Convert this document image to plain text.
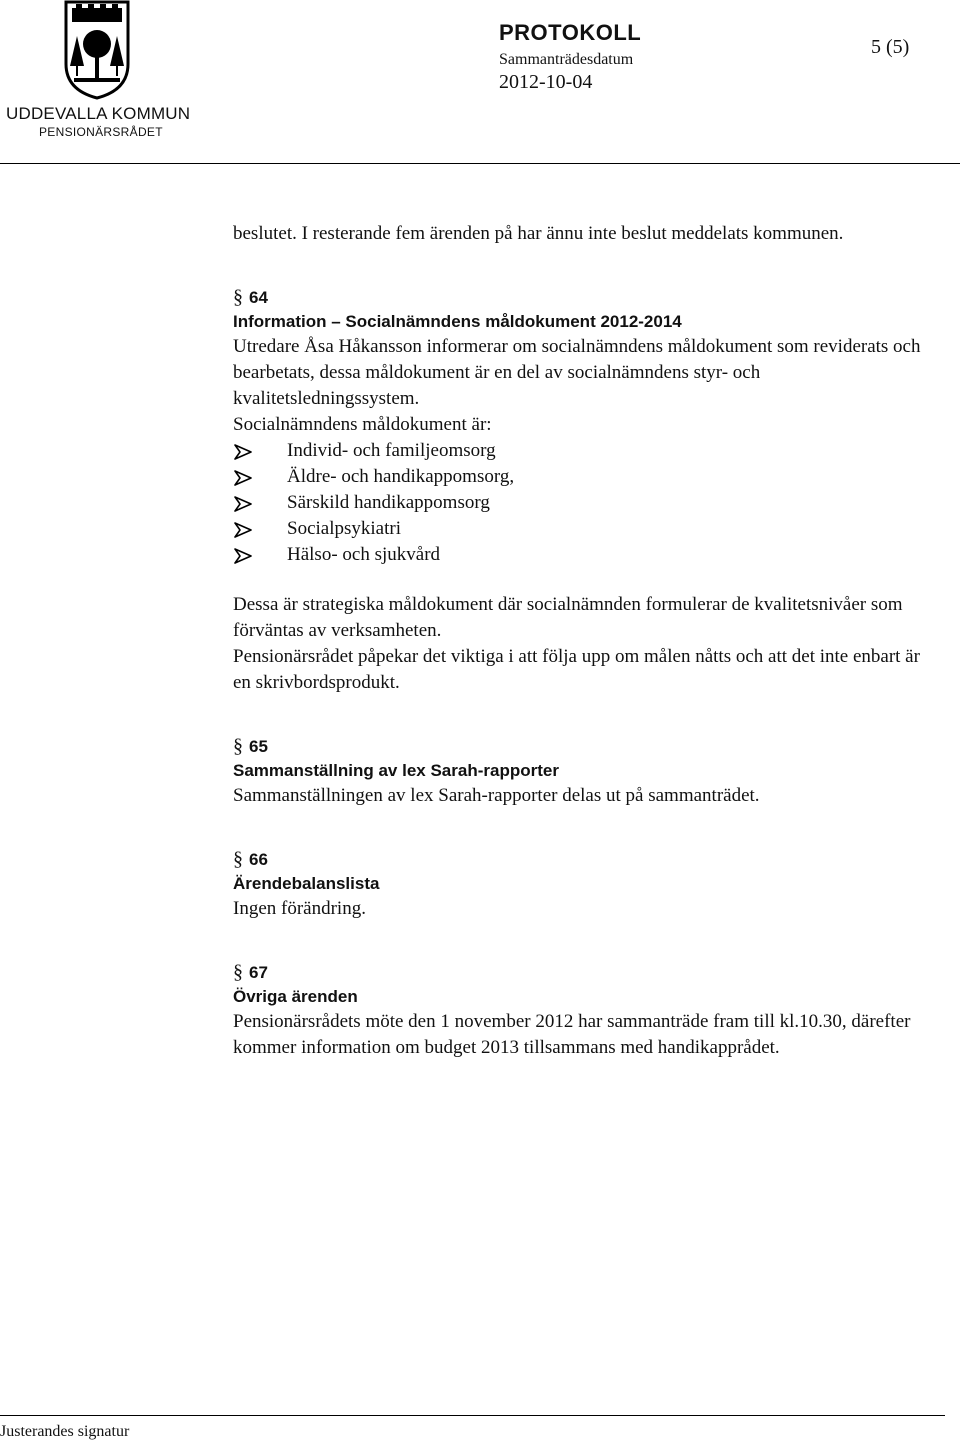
UDDEVALLA KOMMUN
PENSIONÄRSRÅDET
PROTOKOLL
Sammanträdesdatum
2012-10-04
5 (5)

beslutet. I resterande fem ärenden på har ännu inte beslut meddelats kommunen.

§ 64
Information – Socialnämndens måldokument 2012-2014

Utredare Åsa Håkansson informerar om socialnämndens måldokument som reviderats och bearbetats, dessa måldokument är en del av socialnämndens styr- och kvalitetsledningssystem.

Socialnämndens måldokument är:

Individ- och familjeomsorg
Äldre- och handikappomsorg,
Särskild handikappomsorg
Socialpsykiatri
Hälso- och sjukvård

Dessa är strategiska måldokument där socialnämnden formulerar de kvalitetsnivåer som förväntas av verksamheten.

Pensionärsrådet påpekar det viktiga i att följa upp om målen nåtts och att det inte enbart är en skrivbordsprodukt.

§ 65
Sammanställning av lex Sarah-rapporter

Sammanställningen av lex Sarah-rapporter delas ut på sammanträdet.

§ 66
Ärendebalanslista

Ingen förändring.

§ 67
Övriga ärenden

Pensionärsrådets möte den 1 november 2012 har sammanträde fram till kl.10.30, därefter kommer information om budget 2013 tillsammans med handikapprådet.

Justerandes signatur
